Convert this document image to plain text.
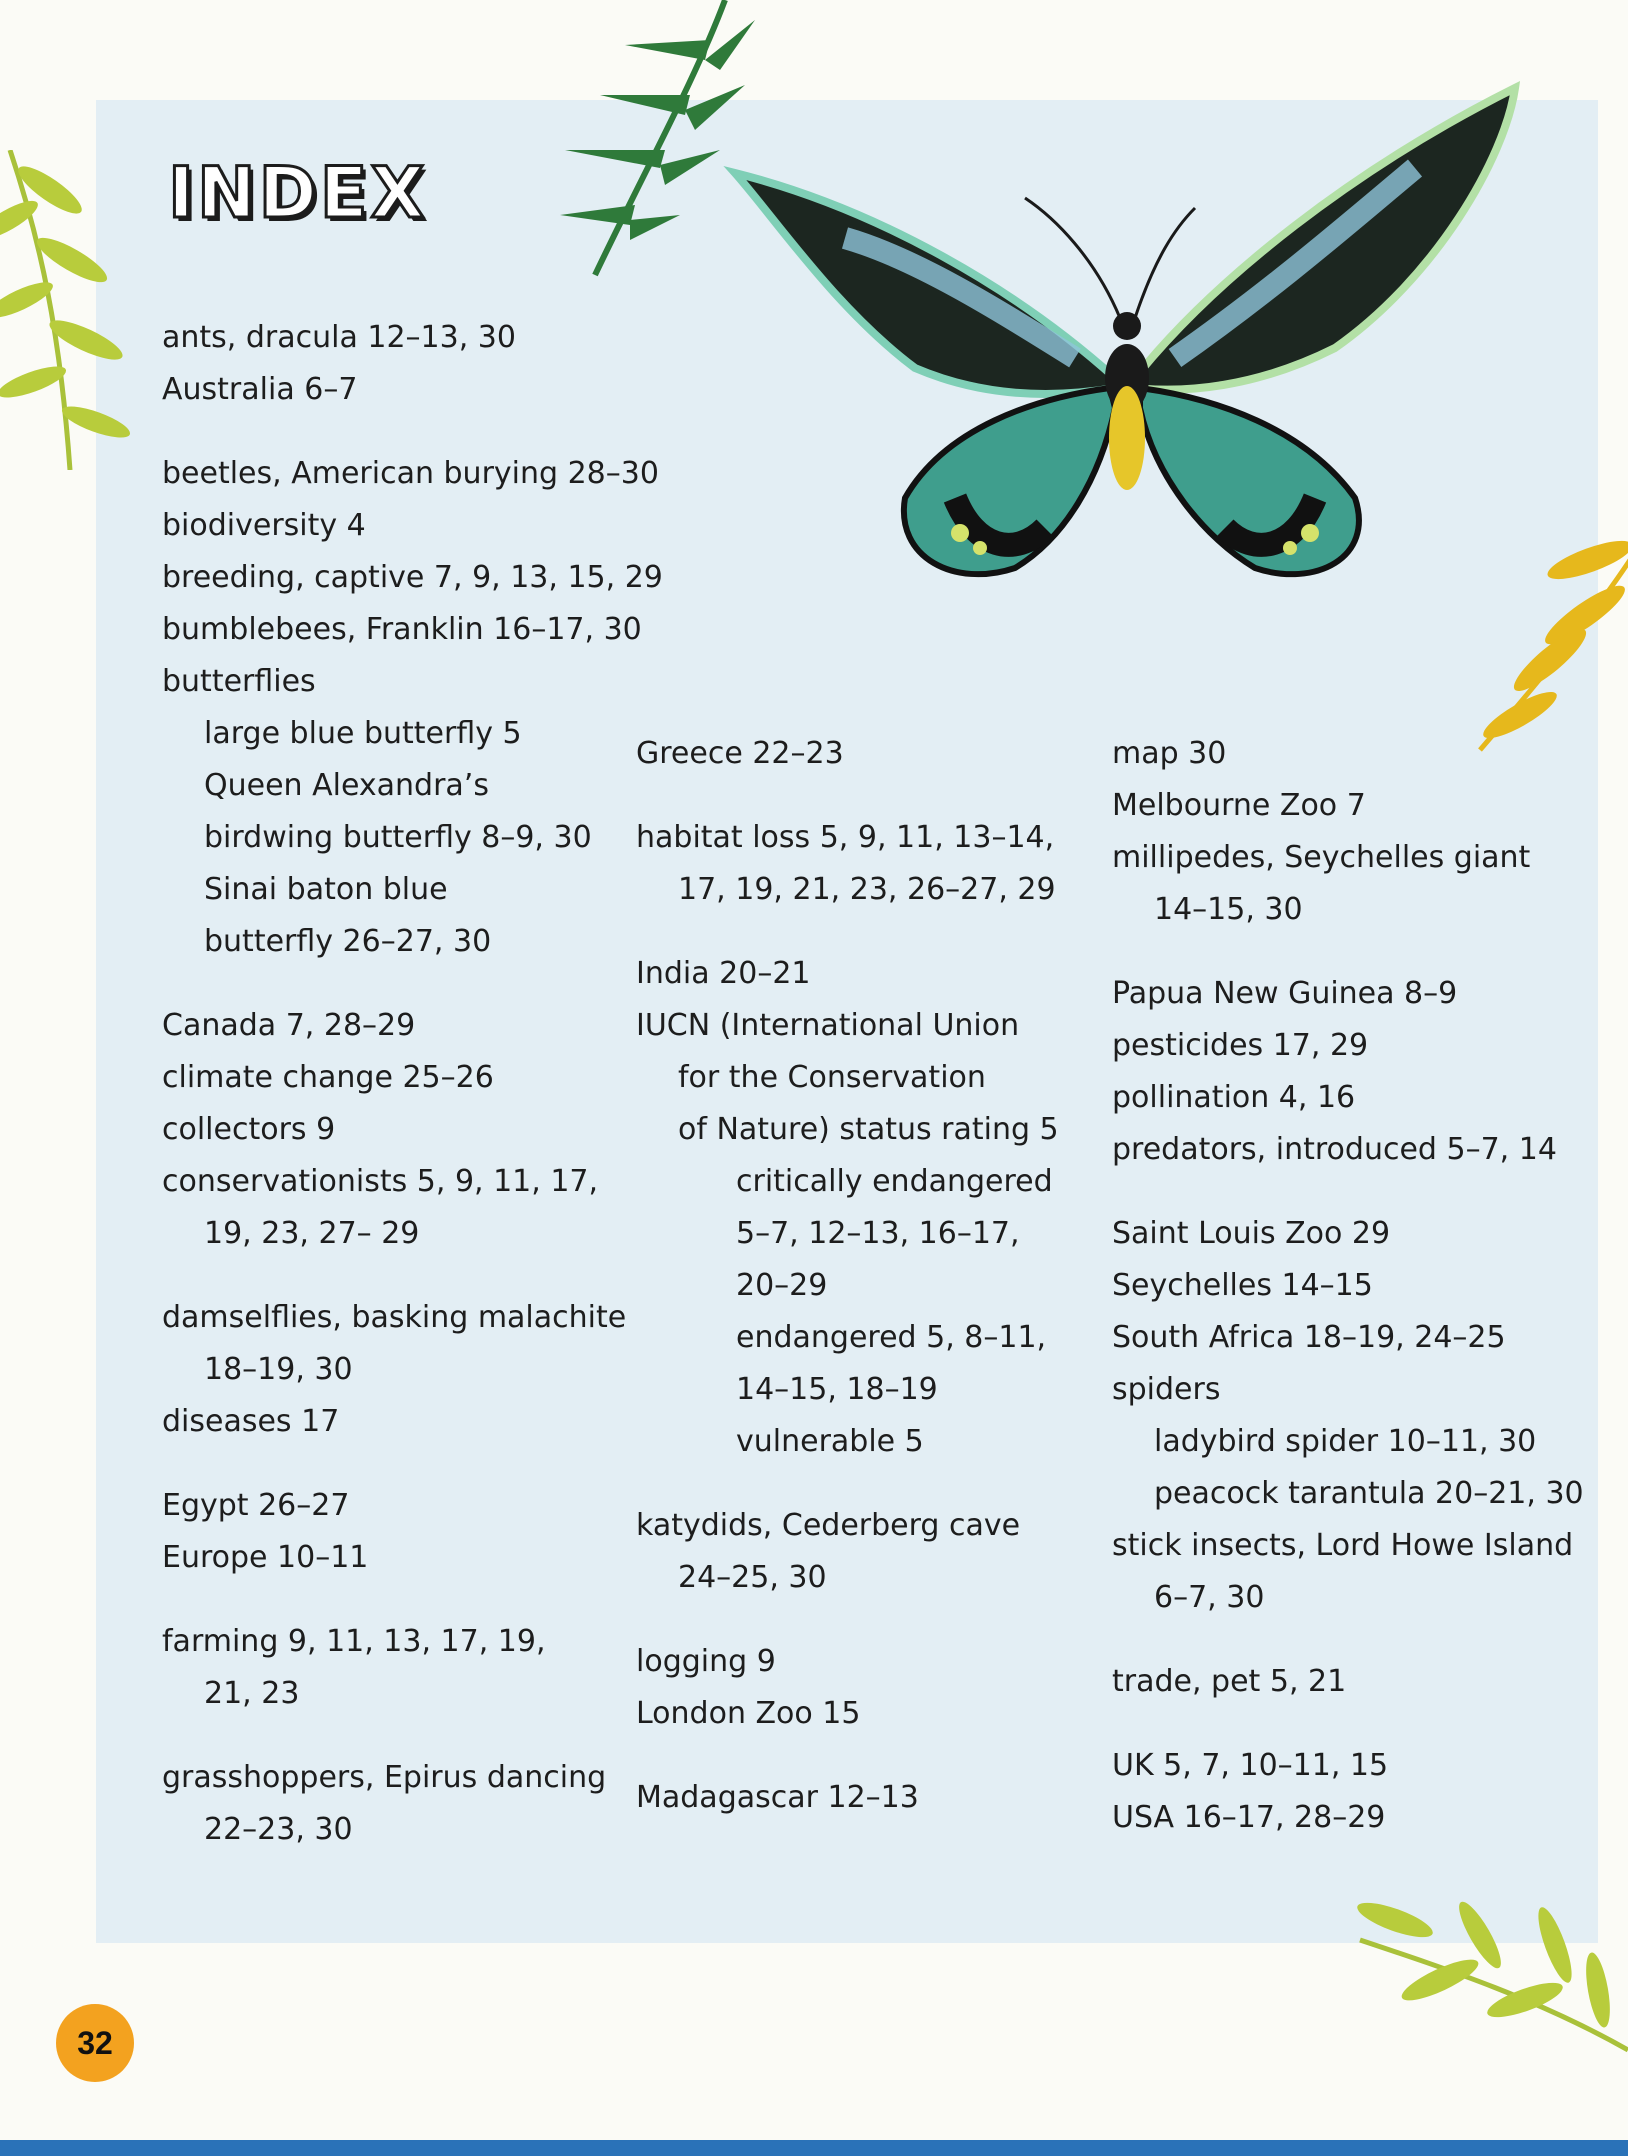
INDEX
ants, dracula 12–13, 30
Australia 6–7
beetles, American burying 28–30
biodiversity 4
breeding, captive 7, 9, 13, 15, 29
bumblebees, Franklin 16–17, 30
butterflies
large blue butterfly 5
Queen Alexandra’s
birdwing butterfly 8–9, 30
Sinai baton blue
butterfly 26–27, 30
Canada 7, 28–29
climate change 25–26
collectors 9
conservationists 5, 9, 11, 17,
19, 23, 27– 29
damselflies, basking malachite
18–19, 30
diseases 17
Egypt 26–27
Europe 10–11
farming 9, 11, 13, 17, 19,
21, 23
grasshoppers, Epirus dancing
22–23, 30
Greece 22–23
habitat loss 5, 9, 11, 13–14,
17, 19, 21, 23, 26–27, 29
India 20–21
IUCN (International Union
for the Conservation
of Nature) status rating 5
critically endangered
5–7, 12–13, 16–17,
20–29
endangered 5, 8–11,
14–15, 18–19
vulnerable 5
katydids, Cederberg cave
24–25, 30
logging 9
London Zoo 15
Madagascar 12–13
map 30
Melbourne Zoo 7
millipedes, Seychelles giant
14–15, 30
Papua New Guinea 8–9
pesticides 17, 29
pollination 4, 16
predators, introduced 5–7, 14
Saint Louis Zoo 29
Seychelles 14–15
South Africa 18–19, 24–25
spiders
ladybird spider 10–11, 30
peacock tarantula 20–21, 30
stick insects, Lord Howe Island
6–7, 30
trade, pet 5, 21
UK 5, 7, 10–11, 15
USA 16–17, 28–29
32
